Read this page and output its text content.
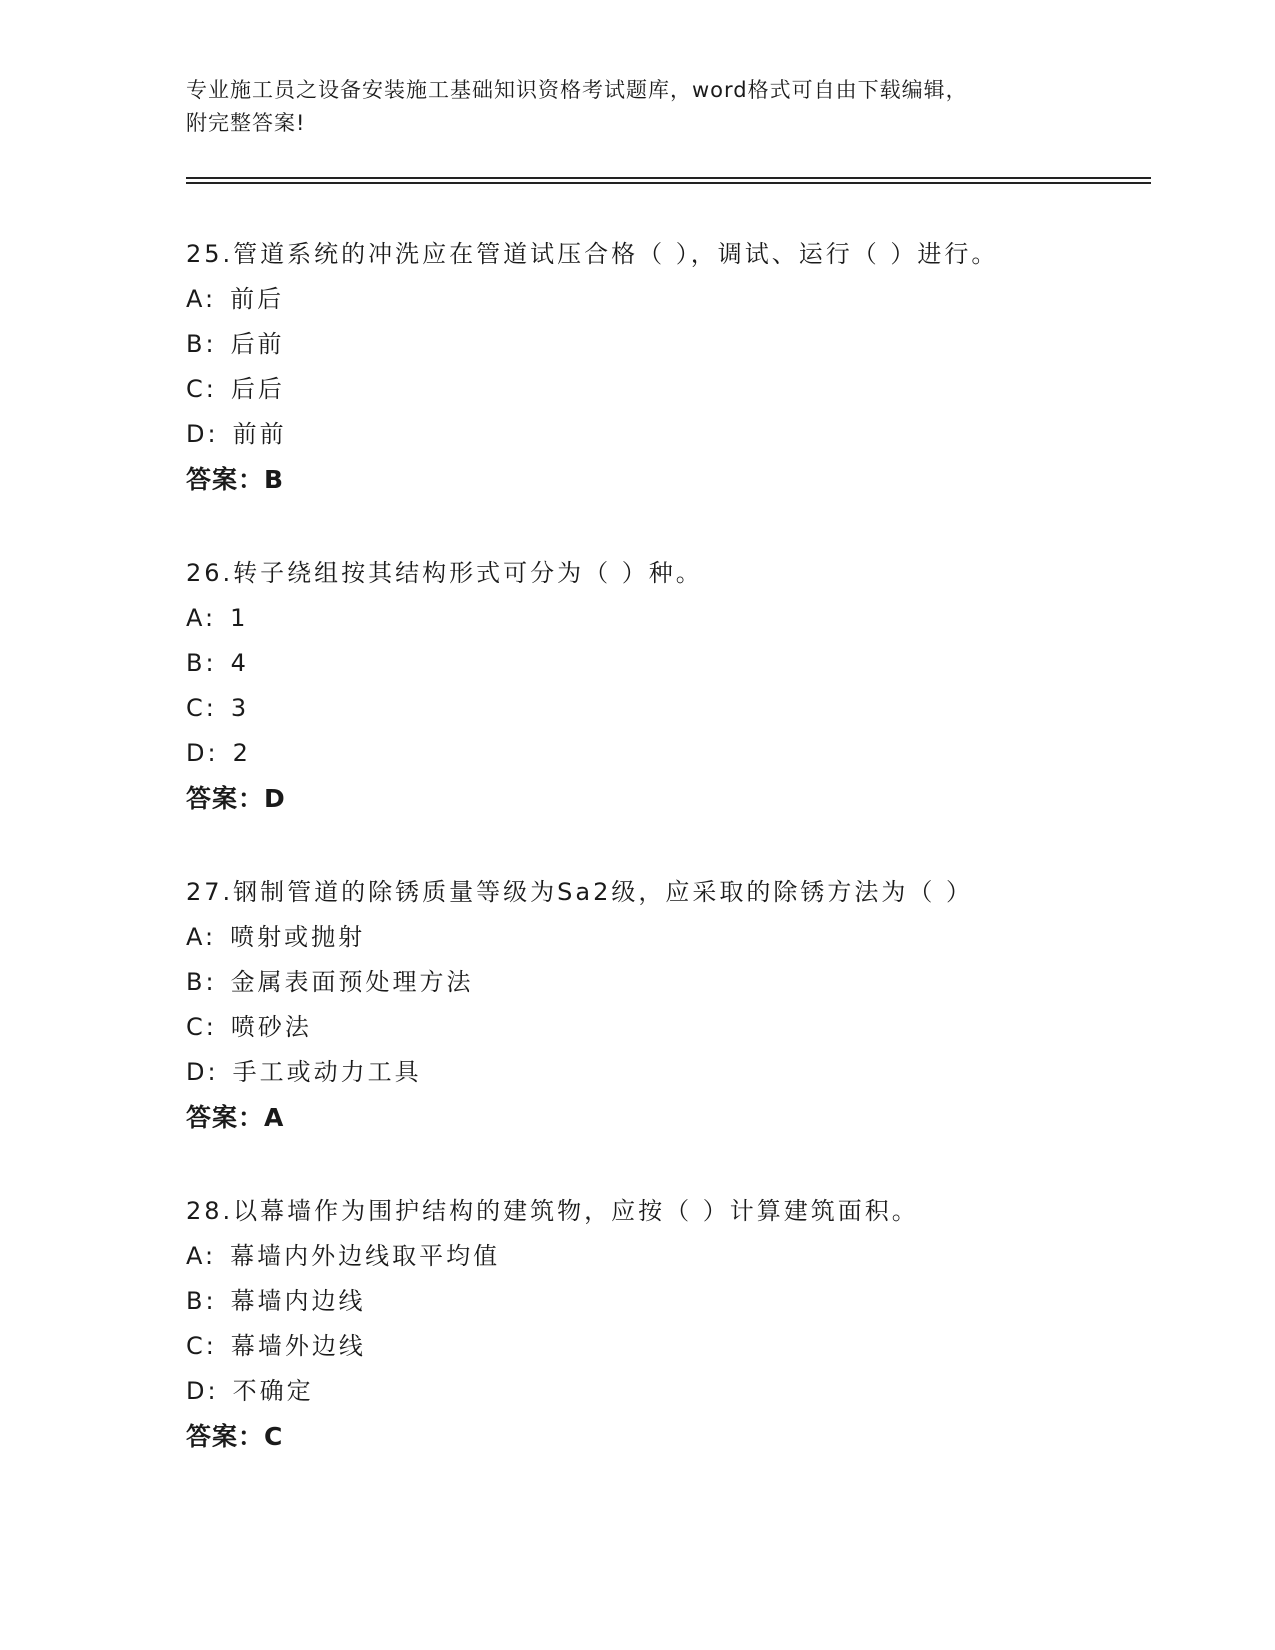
专业施工员之设备安装施工基础知识资格考试题库，word格式可自由下载编辑，
附完整答案!
25.管道系统的冲洗应在管道试压合格（ ），调试、运行（ ）进行。
A: 前后
B: 后前
C: 后后
D: 前前
答案：B
26.转子绕组按其结构形式可分为（ ）种。
A: 1
B: 4
C: 3
D: 2
答案：D
27.钢制管道的除锈质量等级为Sa2级，应采取的除锈方法为（ ）
A: 喷射或抛射
B: 金属表面预处理方法
C: 喷砂法
D: 手工或动力工具
答案：A
28.以幕墙作为围护结构的建筑物，应按（ ）计算建筑面积。
A: 幕墙内外边线取平均值
B: 幕墙内边线
C: 幕墙外边线
D: 不确定
答案：C
